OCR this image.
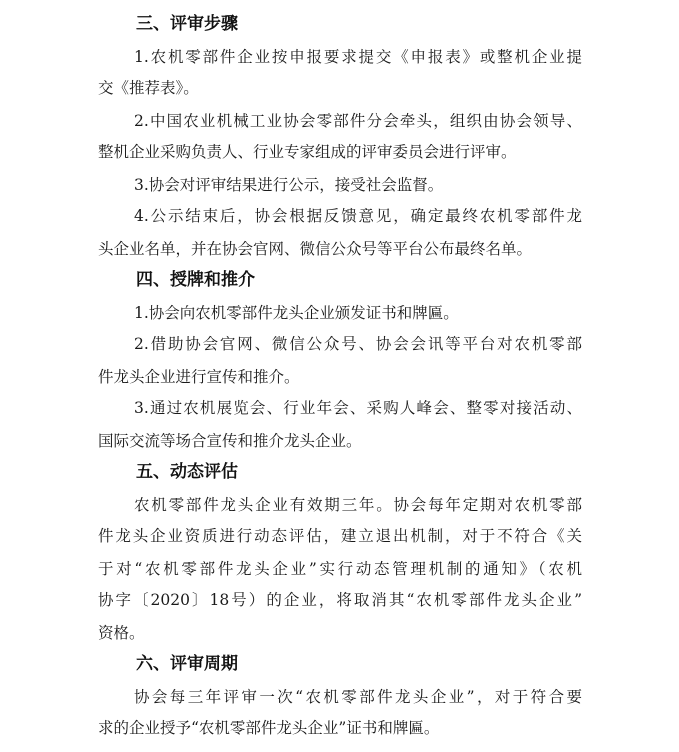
三、评审步骤
1.农机零部件企业按申报要求提交《申报表》或整机企业提
交《推荐表》。
2.中国农业机械工业协会零部件分会牵头，组织由协会领导、
整机企业采购负责人、行业专家组成的评审委员会进行评审。
3.协会对评审结果进行公示，接受社会监督。
4.公示结束后，协会根据反馈意见，确定最终农机零部件龙
头企业名单，并在协会官网、微信公众号等平台公布最终名单。
四、授牌和推介
1.协会向农机零部件龙头企业颁发证书和牌匾。
2.借助协会官网、微信公众号、协会会讯等平台对农机零部
件龙头企业进行宣传和推介。
3.通过农机展览会、行业年会、采购人峰会、整零对接活动、
国际交流等场合宣传和推介龙头企业。
五、动态评估
农机零部件龙头企业有效期三年。协会每年定期对农机零部
件龙头企业资质进行动态评估，建立退出机制，对于不符合《关
于对“农机零部件龙头企业”实行动态管理机制的通知》（农机
协字〔2020〕18号）的企业，将取消其“农机零部件龙头企业”
资格。
六、评审周期
协会每三年评审一次“农机零部件龙头企业”，对于符合要
求的企业授予“农机零部件龙头企业”证书和牌匾。
